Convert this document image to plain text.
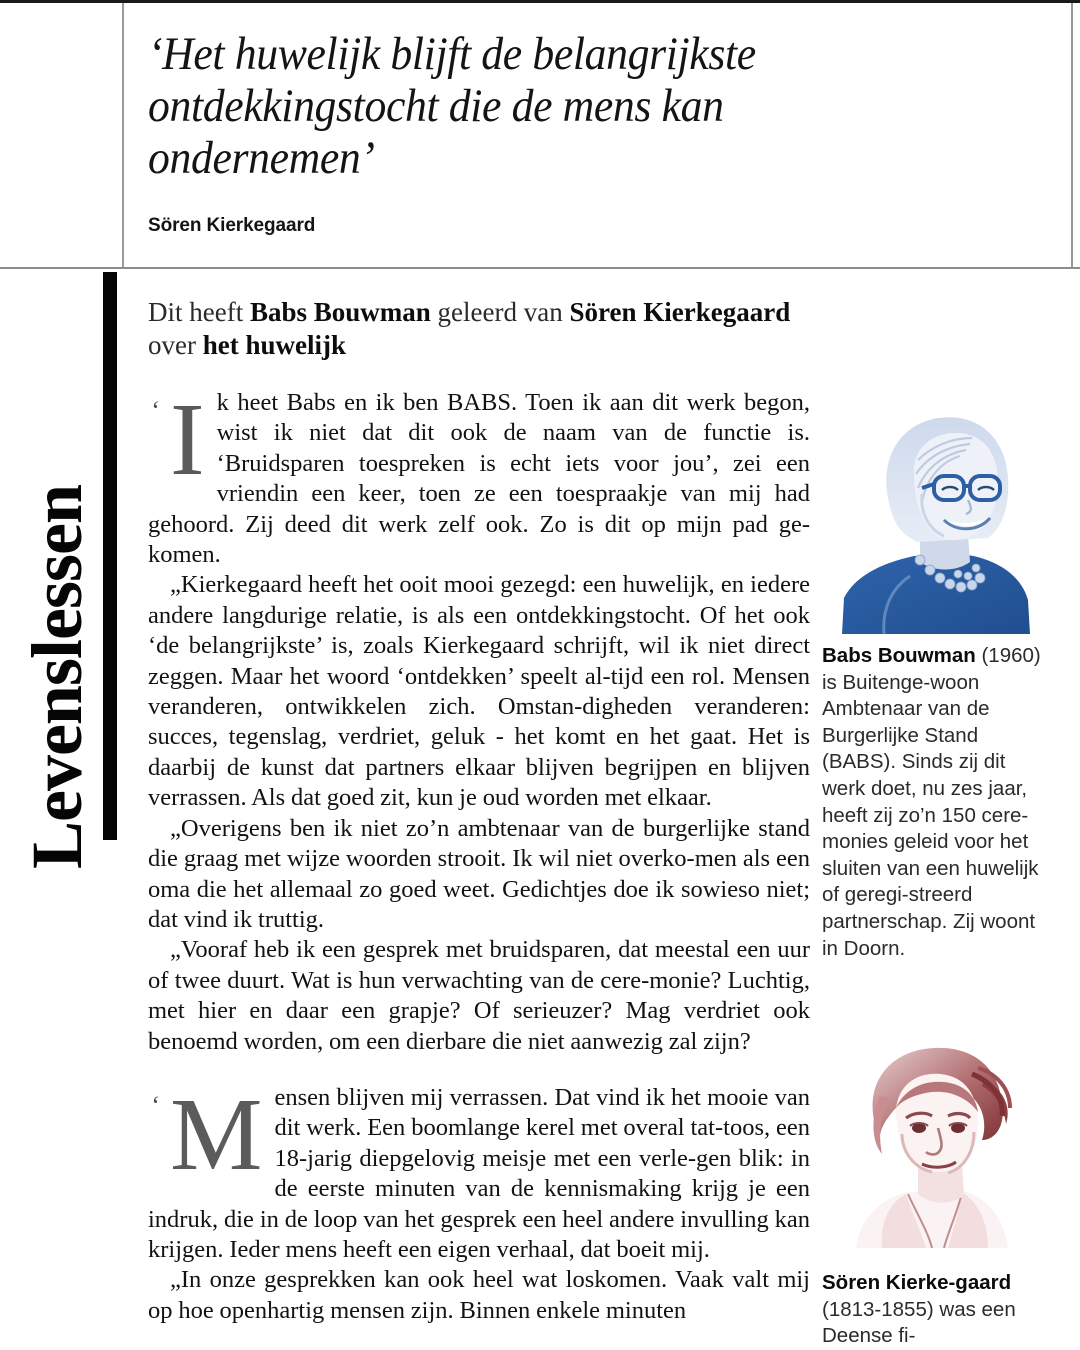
‘Het huwelijk blijft de belangrijkste ontdekkingstocht die de mens kan ondernemen’
Sören Kierkegaard
Levenslessen

Dit heeft Babs Bouwman geleerd van Sören Kierkegaard over het huwelijk

‘ I k heet Babs en ik ben BABS. Toen ik aan dit werk begon, wist ik niet dat dit ook de naam van de functie is. ‘Bruidsparen toespreken is echt iets voor jou’, zei een vriendin een keer, toen ze een toespraakje van mij had gehoord. Zij deed dit werk zelf ook. Zo is dit op mijn pad ge-komen.

„Kierkegaard heeft het ooit mooi gezegd: een huwelijk, en iedere andere langdurige relatie, is als een ontdekkingstocht. Of het ook ‘de belangrijkste’ is, zoals Kierkegaard schrijft, wil ik niet direct zeggen. Maar het woord ‘ontdekken’ speelt al-tijd een rol. Mensen veranderen, ontwikkelen zich. Omstan-digheden veranderen: succes, tegenslag, verdriet, geluk - het komt en het gaat. Het is daarbij de kunst dat partners elkaar blijven begrijpen en blijven verrassen. Als dat goed zit, kun je oud worden met elkaar.

„Overigens ben ik niet zo’n ambtenaar van de burgerlijke stand die graag met wijze woorden strooit. Ik wil niet overko-men als een oma die het allemaal zo goed weet. Gedichtjes doe ik sowieso niet; dat vind ik truttig.

„Vooraf heb ik een gesprek met bruidsparen, dat meestal een uur of twee duurt. Wat is hun verwachting van de cere-monie? Luchtig, met hier en daar een grapje? Of serieuzer? Mag verdriet ook benoemd worden, om een dierbare die niet aanwezig zal zijn?

‘ M ensen blijven mij verrassen. Dat vind ik het mooie van dit werk. Een boomlange kerel met overal tat-toos, een 18-jarig diepgelovig meisje met een verle-gen blik: in de eerste minuten van de kennismaking krijg je een indruk, die in de loop van het gesprek een heel andere invulling kan krijgen. Ieder mens heeft een eigen verhaal, dat boeit mij.

„In onze gesprekken kan ook heel wat loskomen. Vaak valt mij op hoe openhartig mensen zijn. Binnen enkele minuten

Babs Bouwman (1960) is Buitenge-woon Ambtenaar van de Burgerlijke Stand (BABS). Sinds zij dit werk doet, nu zes jaar, heeft zij zo’n 150 cere-monies geleid voor het sluiten van een huwelijk of geregi-streerd partnerschap. Zij woont in Doorn.

Sören Kierke-gaard (1813-1855) was een Deense fi-
